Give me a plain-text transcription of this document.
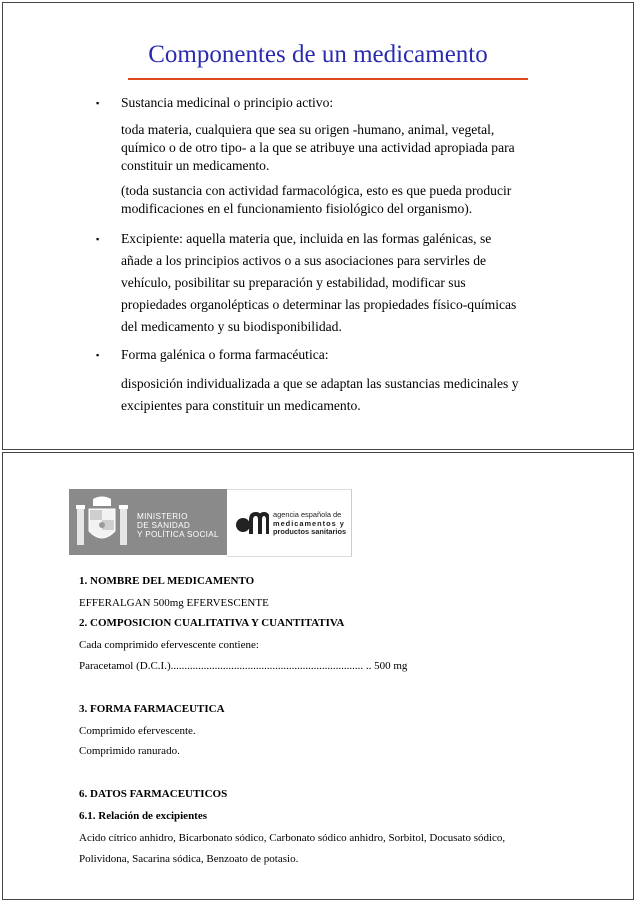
Componentes de un medicamento
▪ Sustancia medicinal o principio activo:
toda materia, cualquiera que sea su origen -humano, animal, vegetal,
químico o de otro tipo- a la que se atribuye una actividad apropiada para
constituir un medicamento.
(toda sustancia con actividad farmacológica, esto es que pueda producir
modificaciones en el funcionamiento fisiológico del organismo).
▪ Excipiente: aquella materia que, incluida en las formas galénicas, se
añade a los principios activos o a sus asociaciones para servirles de
vehículo, posibilitar su preparación y estabilidad, modificar sus
propiedades organolépticas o determinar las propiedades físico-químicas
del medicamento y su biodisponibilidad.
▪ Forma galénica o forma farmacéutica:
disposición individualizada a que se adaptan las sustancias medicinales y
excipientes para constituir un medicamento.
MINISTERIO
DE SANIDAD
Y POLÍTICA SOCIAL
agencia española de
medicamentos y
productos sanitarios
1. NOMBRE DEL MEDICAMENTO
EFFERALGAN 500mg EFERVESCENTE
2. COMPOSICION CUALITATIVA Y CUANTITATIVA
Cada comprimido efervescente contiene:
Paracetamol (D.C.I.)...................................................................... .. 500 mg
3. FORMA FARMACEUTICA
Comprimido efervescente.
Comprimido ranurado.
6. DATOS FARMACEUTICOS
6.1. Relación de excipientes
Acido cítrico anhidro, Bicarbonato sódico, Carbonato sódico anhidro, Sorbitol, Docusato sódico,
Polividona, Sacarina sódica, Benzoato de potasio.
